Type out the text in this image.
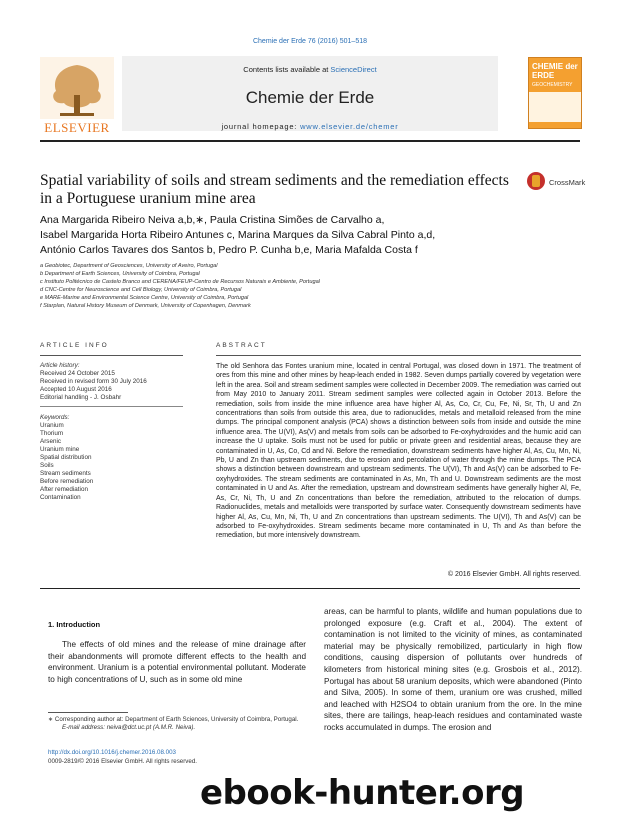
Chemie der Erde 76 (2016) 501–518
ELSEVIER
Contents lists available at ScienceDirect
Chemie der Erde
journal homepage: www.elsevier.de/chemer
CHEMIE der ERDE
GEOCHEMISTRY
Spatial variability of soils and stream sediments and the remediation effects in a Portuguese uranium mine area
CrossMark
Ana Margarida Ribeiro Neiva a,b,∗, Paula Cristina Simões de Carvalho a,
Isabel Margarida Horta Ribeiro Antunes c, Marina Marques da Silva Cabral Pinto a,d,
António Carlos Tavares dos Santos b, Pedro P. Cunha b,e, Maria Mafalda Costa f
a Geobiotec, Department of Geosciences, University of Aveiro, Portugal
b Department of Earth Sciences, University of Coimbra, Portugal
c Instituto Politécnico de Castelo Branco and CERENA/FEUP-Centro de Recursos Naturais e Ambiente, Portugal
d CNC-Centre for Neuroscience and Cell Biology, University of Coimbra, Portugal
e MARE-Marine and Environmental Science Centre, University of Coimbra, Portugal
f Starplan, Natural History Museum of Denmark, University of Copenhagen, Denmark
ARTICLE INFO	ABSTRACT
Article history:
Received 24 October 2015
Received in revised form 30 July 2016
Accepted 10 August 2016
Editorial handling - J. Osbahr
Keywords:
Uranium
Thorium
Arsenic
Uranium mine
Spatial distribution
Soils
Stream sediments
Before remediation
After remediation
Contamination
The old Senhora das Fontes uranium mine, located in central Portugal, was closed down in 1971. The treatment of ores from this mine and other mines by heap-leach ended in 1982. Seven dumps partially covered by vegetation were left in the area. Soil and stream sediment samples were collected in December 2009. The remediation was carried out from May 2010 to January 2011. Stream sediment samples were collected again in October 2013. Before the remediation, soils from inside the mine influence area have higher Al, As, Co, Cr, Cu, Fe, Ni, Sr, Th, U and Zn concentrations than soils from outside this area, due to radionuclides, metals and metalloid released from the mine dumps. The principal component analysis (PCA) shows a distinction between soils from inside and outside the mine influence area. The U(VI), As(V) and metals from soils can be adsorbed to Fe-oxyhydroxides and the humic acid can increase the U uptake. Soils must not be used for public or private green and residential areas, because they are contaminated in U, As, Co, Cd and Ni. Before the remediation, downstream sediments have higher Al, As, Cu, Mn, Ni, Pb, U and Zn than upstream sediments, due to erosion and percolation of water through the mine dumps. The PCA shows a distinction between downstream and upstream sediments. The U(VI), Th and As(V) can be adsorbed to Fe-oxyhydroxides. The stream sediments are contaminated in As, Mn, Th and U. Downstream sediments are the most contaminated in U and As. After the remediation, upstream and downstream sediments have generally higher Al, Fe, As, Cr, Ni, Th, U and Zn concentrations than before the remediation, attributed to the relocation of dumps. Radionuclides, metals and metalloids were transported by surface water. Consequently downstream sediments have higher Al, As, Cu, Mn, Ni, Th, U and Zn concentrations than upstream sediments. The U(VI), Th and As(V) can be adsorbed to Fe-oxyhydroxides. Stream sediments became more contaminated in U, Th and As than before the remediation, but more intensively downstream.
© 2016 Elsevier GmbH. All rights reserved.
1. Introduction
The effects of old mines and the release of mine drainage after their abandonments will promote different effects to the health and environment. Uranium is a potential environmental pollutant. Moderate to high concentrations of U, such as in some old mine
areas, can be harmful to plants, wildlife and human populations due to prolonged exposure (e.g. Craft et al., 2004). The extent of contamination is not limited to the vicinity of mines, as contaminated material may be physically remobilized, particularly in high flow conditions, causing dispersion of pollutants over hundreds of kilometers from historical mining sites (e.g. Grosbois et al., 2012). Portugal has about 58 uranium deposits, which were abandoned (Pinto and Silva, 2005). In some of them, uranium ore was crushed, milled and leached with H2SO4 to obtain uranium from the ore. In the mine sites, there are tailings, heap-leach residues and contaminated waste rocks accumulated in dumps. The erosion and
∗ Corresponding author at: Department of Earth Sciences, University of Coimbra, Portugal.
E-mail address: neiva@dct.uc.pt (A.M.R. Neiva).
http://dx.doi.org/10.1016/j.chemer.2016.08.003
0009-2819/© 2016 Elsevier GmbH. All rights reserved.
ebook-hunter.org
